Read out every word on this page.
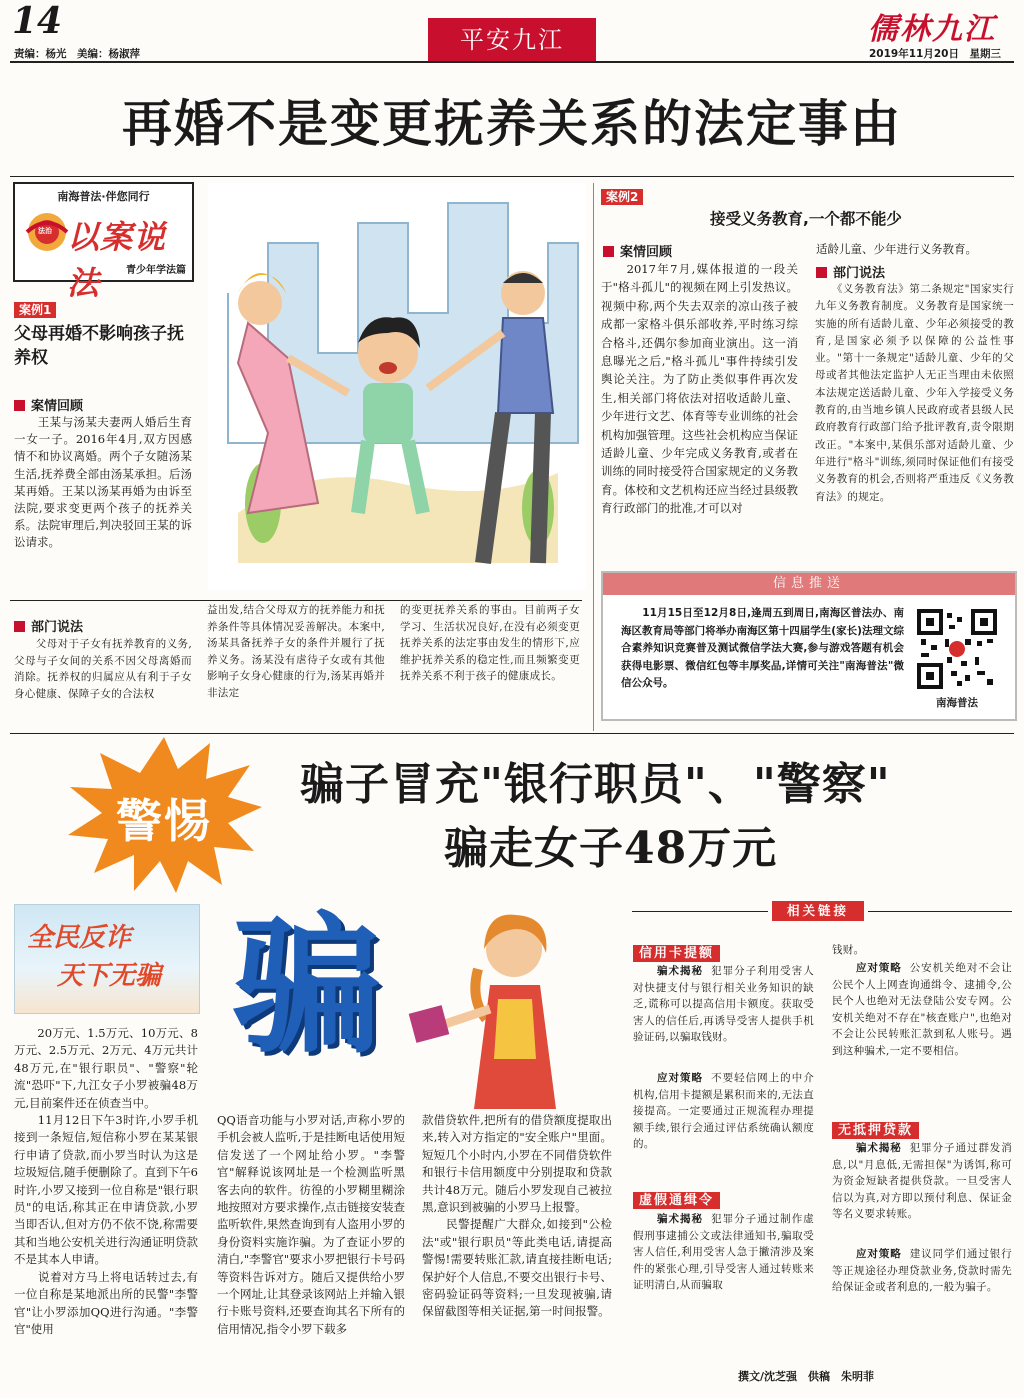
14
责编：杨光　美编：杨淑萍	平安九江	儒林九江
2019年11月20日　星期三
再婚不是变更抚养关系的法定事由
南海普法·伴您同行
法治 以案说法	青少年学法篇
案例1
父母再婚不影响孩子抚养权
案情回顾

　　王某与汤某夫妻两人婚后生育一女一子。2016年4月,双方因感情不和协议离婚。两个子女随汤某生活,抚养费全部由汤某承担。后汤某再婚。王某以汤某再婚为由诉至法院,要求变更两个孩子的抚养关系。法院审理后,判决驳回王某的诉讼请求。

部门说法

　　父母对于子女有抚养教育的义务,父母与子女间的关系不因父母离婚而消除。抚养权的归属应从有利于子女身心健康、保障子女的合法权

益出发,结合父母双方的抚养能力和抚养条件等具体情况妥善解决。本案中,汤某具备抚养子女的条件并履行了抚养义务。汤某没有虐待子女或有其他影响子女身心健康的行为,汤某再婚并非法定

的变更抚养关系的事由。目前两子女学习、生活状况良好,在没有必须变更抚养关系的法定事由发生的情形下,应维护抚养关系的稳定性,而且频繁变更抚养关系不利于孩子的健康成长。

案例2
接受义务教育,一个都不能少
案情回顾

　　2017年7月,媒体报道的一段关于"格斗孤儿"的视频在网上引发热议。视频中称,两个失去双亲的凉山孩子被成都一家格斗俱乐部收养,平时练习综合格斗,还偶尔参加商业演出。这一消息曝光之后,"格斗孤儿"事件持续引发舆论关注。为了防止类似事件再次发生,相关部门将依法对招收适龄儿童、少年进行文艺、体育等专业训练的社会机构加强管理。这些社会机构应当保证适龄儿童、少年完成义务教育,或者在训练的同时接受符合国家规定的义务教育。体校和文艺机构还应当经过县级教育行政部门的批准,才可以对

适龄儿童、少年进行义务教育。

部门说法

　　《义务教育法》第二条规定"国家实行九年义务教育制度。义务教育是国家统一实施的所有适龄儿童、少年必须接受的教育,是国家必须予以保障的公益性事业。"第十一条规定"适龄儿童、少年的父母或者其他法定监护人无正当理由未依照本法规定送适龄儿童、少年入学接受义务教育的,由当地乡镇人民政府或者县级人民政府教育行政部门给予批评教育,责令限期改正。"本案中,某俱乐部对适龄儿童、少年进行"格斗"训练,须同时保证他们有接受义务教育的机会,否则将严重违反《义务教育法》的规定。

信息推送

　　11月15日至12月8日,逢周五到周日,南海区普法办、南海区教育局等部门将举办南海区第十四届学生(家长)法理文综合素养知识竞赛普及测试微信学法大赛,参与游戏答题有机会获得电影票、微信红包等丰厚奖品,详情可关注"南海普法"微信公众号。

南海普法
警惕
骗子冒充"银行职员"、"警察"
骗走女子48万元
全民反诈
天下无骗 骗

　　20万元、1.5万元、10万元、8万元、2.5万元、2万元、4万元共计48万元,在"银行职员"、"警察"轮流"恐吓"下,九江女子小罗被骗48万元,目前案件还在侦查当中。
　　11月12日下午3时许,小罗手机接到一条短信,短信称小罗在某某银行申请了贷款,而小罗当时认为这是垃圾短信,随手便删除了。直到下午6时许,小罗又接到一位自称是"银行职员"的电话,称其正在申请贷款,小罗当即否认,但对方仍不依不饶,称需要其和当地公安机关进行沟通证明贷款不是其本人申请。
　　说着对方马上将电话转过去,有一位自称是某地派出所的民警"李警官"让小罗添加QQ进行沟通。"李警官"使用

QQ语音功能与小罗对话,声称小罗的手机会被人监听,于是挂断电话使用短信发送了一个网址给小罗。"李警官"解释说该网址是一个检测监听黑客去向的软件。彷徨的小罗糊里糊涂地按照对方要求操作,点击链接安装查监听软件,果然查询到有人盗用小罗的身份资料实施诈骗。为了查证小罗的清白,"李警官"要求小罗把银行卡号码等资料告诉对方。随后又提供给小罗一个网址,让其登录该网站上并输入银行卡账号资料,还要查询其名下所有的信用情况,指令小罗下载多

款借贷软件,把所有的借贷额度提取出来,转入对方指定的"安全账户"里面。短短几个小时内,小罗在不同借贷软件和银行卡信用额度中分别提取和贷款共计48万元。随后小罗发现自己被拉黑,意识到被骗的小罗马上报警。
　　民警提醒广大群众,如接到"公检法"或"银行职员"等此类电话,请提高警惕!需要转账汇款,请直接挂断电话;保护好个人信息,不要交出银行卡号、密码验证码等资料;一旦发现被骗,请保留截图等相关证据,第一时间报警。

相关链接
信用卡提额

骗术揭秘 犯罪分子利用受害人对快捷支付与银行相关业务知识的缺乏,谎称可以提高信用卡额度。获取受害人的信任后,再诱导受害人提供手机验证码,以骗取钱财。

应对策略 不要轻信网上的中介机构,信用卡提额是累积而来的,无法直接提高。一定要通过正规流程办理提额手续,银行会通过评估系统确认额度的。

虚假通缉令

骗术揭秘 犯罪分子通过制作虚假刑事逮捕公文或法律通知书,骗取受害人信任,利用受害人急于撇清涉及案件的紧张心理,引导受害人通过转账来证明清白,从而骗取

钱财。

应对策略 公安机关绝对不会让公民个人上网查询通缉令、逮捕令,公民个人也绝对无法登陆公安专网。公安机关绝对不存在"核查账户",也绝对不会让公民转账汇款到私人账号。遇到这种骗术,一定不要相信。

无抵押贷款

骗术揭秘 犯罪分子通过群发消息,以"月息低,无需担保"为诱饵,称可为资金短缺者提供贷款。一旦受害人信以为真,对方即以预付利息、保证金等名义要求转账。

应对策略 建议同学们通过银行等正规途径办理贷款业务,贷款时需先给保证金或者利息的,一般为骗子。

撰文/沈芝强　供稿　朱明菲
